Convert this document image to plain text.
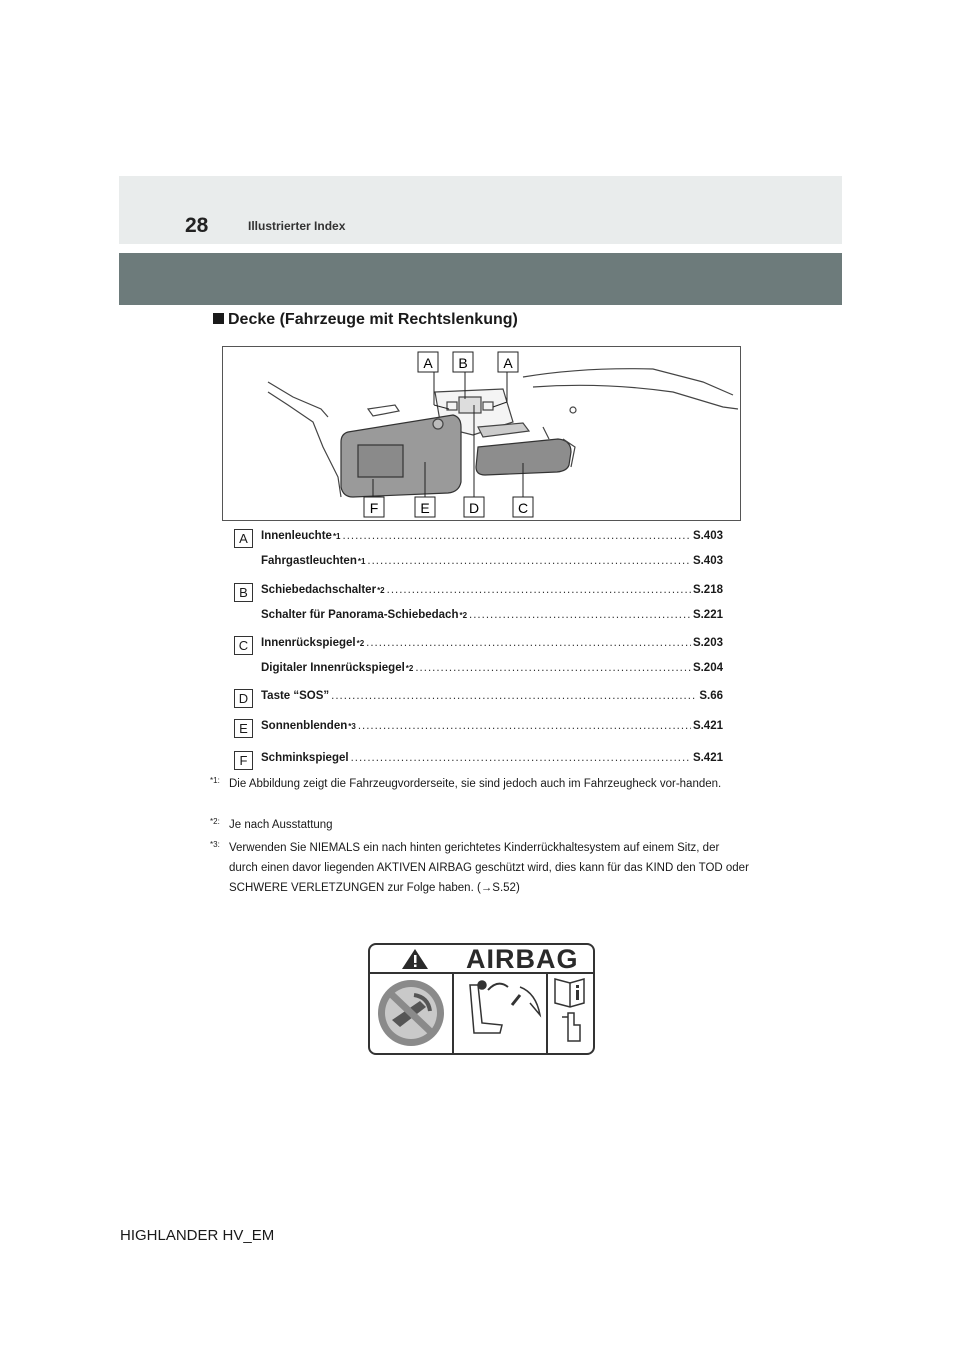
28	Illustrierter Index
Decke (Fahrzeuge mit Rechtslenkung)
A B	A
F	E	D	C
A	Innenleuchte *1 .....	S.403
Fahrgastleuchten *1 .....	S.403
B	Schiebedachschalter *2 .....	S.218
Schalter für Panorama-Schiebedach *2 .....	S.221
C	Innenrückspiegel *2 .....	S.203
Digitaler Innenrückspiegel *2 .....	S.204
D	Taste “SOS” .....	S.66
E	Sonnenblenden *3 .....	S.421
F	Schminkspiegel .....	S.421
*1: Die Abbildung zeigt die Fahrzeugvorderseite, sie sind jedoch auch im Fahrzeugheck vor-handen.
*2: Je nach Ausstattung
*3: Verwenden Sie NIEMALS ein nach hinten gerichtetes Kinderrückhaltesystem auf einem Sitz, der durch einen davor liegenden AKTIVEN AIRBAG geschützt wird, dies kann für das KIND den TOD oder SCHWERE VERLETZUNGEN zur Folge haben. (→S.52)
AIRBAG
HIGHLANDER HV_EM
